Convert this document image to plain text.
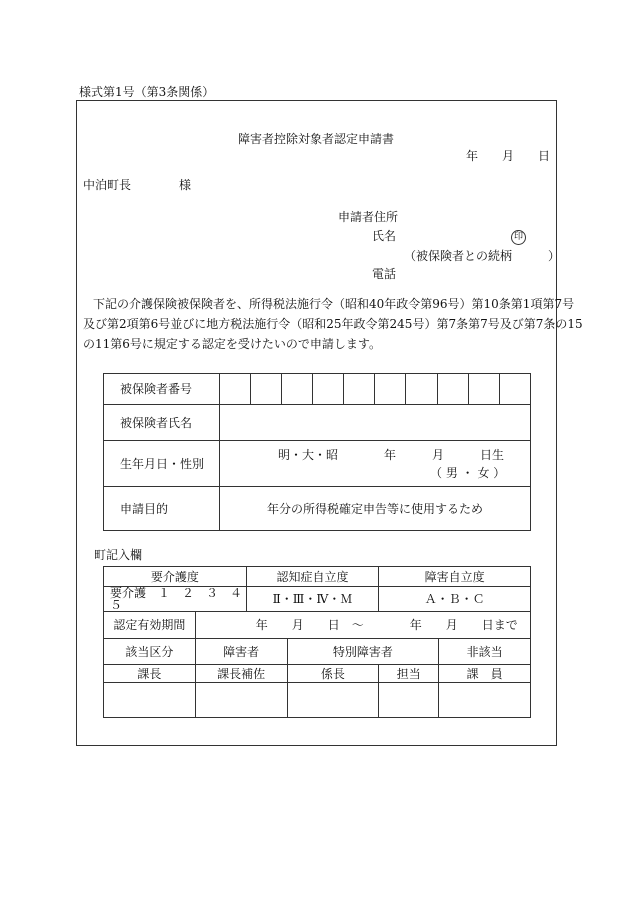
様式第1号（第3条関係）
障害者控除対象者認定申請書
年　　月　　日
中泊町長　　　　様
申請者住所
氏名	印
（被保険者との続柄　　　）
電話
下記の介護保険被保険者を、所得税法施行令（昭和40年政令第96号）第10条第1項第7号
及び第2項第6号並びに地方税法施行令（昭和25年政令第245号）第7条第7号及び第7条の15
の11第6号に規定する認定を受けたいので申請します。
被保険者番号										
被保険者氏名										
生年月日・性別	明・大・昭 年　　　月　　　日生
（ 男 ・ 女 ）									

申請目的	年分の所得税確定申告等に使用するため									
町記入欄
要介護度		認知症自立度		障害自立度	
要介護　１　２　３　４　５		Ⅱ・Ⅲ・Ⅳ・Ｍ		Ａ・Ｂ・Ｃ	
認定有効期間	年　　月　　日　～ 年　　月　　日まで				

該当区分	障害者		特別障害者		非該当
課長	課長補佐		係長	担当	課　員
